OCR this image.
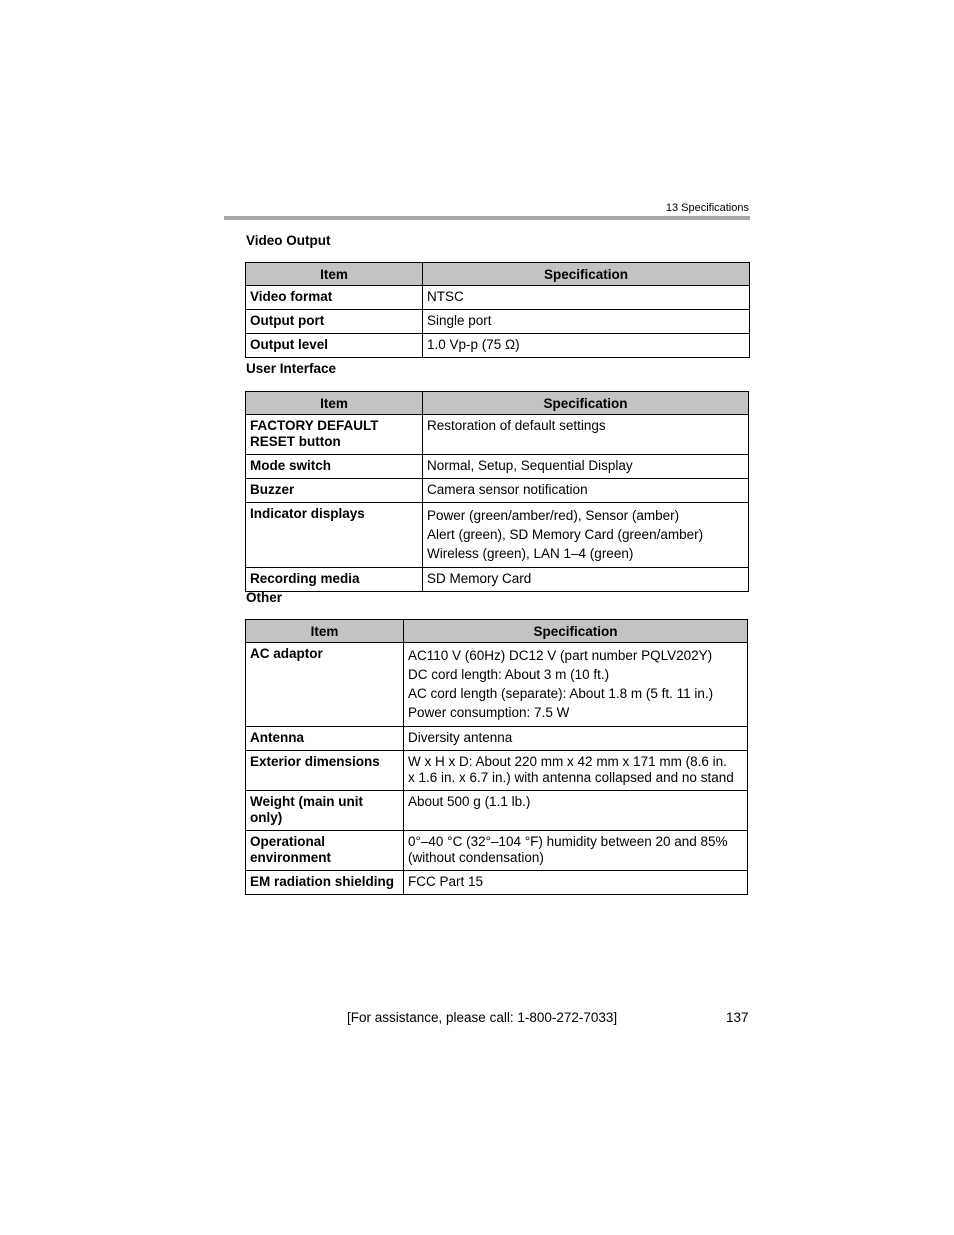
13 Specifications
Video Output
Item	Specification

Video format	NTSC

Output port	Single port

Output level	1.0 Vp-p (75 Ω)
User Interface
Item	Specification

FACTORY DEFAULT
RESET button	Restoration of default settings

Mode switch	Normal, Setup, Sequential Display

Buzzer	Camera sensor notification

Indicator displays	Power (green/amber/red), Sensor (amber)
Alert (green), SD Memory Card (green/amber)
Wireless (green), LAN 1–4 (green)

Recording media	SD Memory Card
Other
Item	Specification

AC adaptor	AC110 V (60Hz) DC12 V (part number PQLV202Y)
DC cord length: About 3 m (10 ft.)
AC cord length (separate): About 1.8 m (5 ft. 11 in.)
Power consumption: 7.5 W

Antenna	Diversity antenna

Exterior dimensions	W x H x D: About 220 mm x 42 mm x 171 mm (8.6 in.
x 1.6 in. x 6.7 in.) with antenna collapsed and no stand

Weight (main unit
only)	About 500 g (1.1 lb.)

Operational
environment	0°–40 °C (32°–104 °F) humidity between 20 and 85%
(without condensation)

EM radiation shielding	FCC Part 15
[For assistance, please call: 1-800-272-7033]	137
